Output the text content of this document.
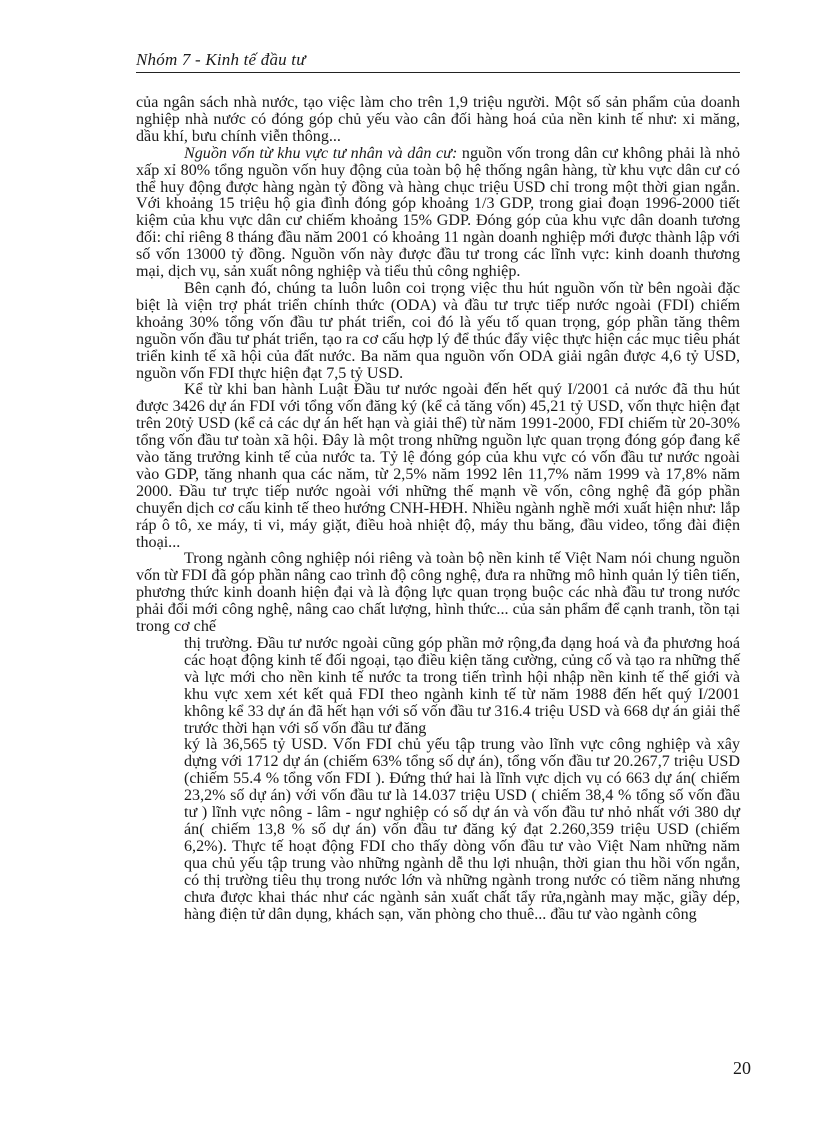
Nhóm 7 - Kinh tế đầu tư

của ngân sách nhà nước, tạo việc làm cho trên 1,9 triệu người. Một số sản phẩm của doanh nghiệp nhà nước có đóng góp chủ yếu vào cân đối hàng hoá của nền kinh tế như: xi măng, dầu khí, bưu chính viễn thông...

Nguồn vốn từ khu vực tư nhân và dân cư: nguồn vốn trong dân cư không phải là nhỏ xấp xỉ 80% tổng nguồn vốn huy động của toàn bộ hệ thống ngân hàng, từ khu vực dân cư có thể huy động được hàng ngàn tỷ đồng và hàng chục triệu USD chỉ trong một thời gian ngắn. Với khoảng 15 triệu hộ gia đình đóng góp khoảng 1/3 GDP, trong giai đoạn 1996-2000 tiết kiệm của khu vực dân cư chiếm khoảng 15% GDP. Đóng góp của khu vực dân doanh tương đối: chỉ riêng 8 tháng đầu năm 2001 có khoảng 11 ngàn doanh nghiệp mới được thành lập với số vốn 13000 tỷ đồng. Nguồn vốn này được đầu tư trong các lĩnh vực: kinh doanh thương mại, dịch vụ, sản xuất nông nghiệp và tiểu thủ công nghiệp.

Bên cạnh đó, chúng ta luôn luôn coi trọng việc thu hút nguồn vốn từ bên ngoài đặc biệt là viện trợ phát triển chính thức (ODA) và đầu tư trực tiếp nước ngoài (FDI) chiếm khoảng 30% tổng vốn đầu tư phát triển, coi đó là yếu tố quan trọng, góp phần tăng thêm nguồn vốn đầu tư phát triển, tạo ra cơ cấu hợp lý để thúc đẩy việc thực hiện các mục tiêu phát triển kinh tế xã hội của đất nước. Ba năm qua nguồn vốn ODA giải ngân được 4,6 tỷ USD, nguồn vốn FDI thực hiện đạt 7,5 tỷ USD.

Kể từ khi ban hành Luật Đầu tư nước ngoài đến hết quý I/2001 cả nước đã thu hút được 3426 dự án FDI với tổng vốn đăng ký (kể cả tăng vốn) 45,21 tỷ USD, vốn thực hiện đạt trên 20tỷ USD (kể cả các dự án hết hạn và giải thể) từ năm 1991-2000, FDI chiếm từ 20-30% tổng vốn đầu tư toàn xã hội. Đây là một trong những nguồn lực quan trọng đóng góp đang kể vào tăng trưởng kinh tế của nước ta. Tỷ lệ đóng góp của khu vực có vốn đầu tư nước ngoài vào GDP, tăng nhanh qua các năm, từ 2,5% năm 1992 lên 11,7% năm 1999 và 17,8% năm 2000. Đầu tư trực tiếp nước ngoài với những thế mạnh về vốn, công nghệ đã góp phần chuyển dịch cơ cấu kinh tế theo hướng CNH-HĐH. Nhiều ngành nghề mới xuất hiện như: lắp ráp ô tô, xe máy, ti vi, máy giặt, điều hoà nhiệt độ, máy thu băng, đầu video, tổng đài điện thoại...

Trong ngành công nghiệp nói riêng và toàn bộ nền kinh tế Việt Nam nói chung nguồn vốn từ FDI đã góp phần nâng cao trình độ công nghệ, đưa ra những mô hình quản lý tiên tiến, phương thức kinh doanh hiện đại và là động lực quan trọng buộc các nhà đầu tư trong nước phải đổi mới công nghệ, nâng cao chất lượng, hình thức... của sản phẩm để cạnh tranh, tồn tại trong cơ chế

thị trường. Đầu tư nước ngoài cũng góp phần mở rộng,đa dạng hoá và đa phương hoá các hoạt động kinh tế đối ngoại, tạo điều kiện tăng cường, củng cố và tạo ra những thế và lực mới cho nền kinh tế nước ta trong tiến trình hội nhập nền kinh tế thế giới và khu vực xem xét kết quả FDI theo ngành kinh tế từ năm 1988 đến hết quý I/2001 không kể 33 dự án đã hết hạn với số vốn đầu tư 316.4 triệu USD và 668 dự án giải thể trước thời hạn với số vốn đầu tư đăng

ký là 36,565 tỷ USD. Vốn FDI chủ yếu tập trung vào lĩnh vực công nghiệp và xây dựng với 1712 dự án (chiếm 63% tổng số dự án), tổng vốn đầu tư 20.267,7 triệu USD (chiếm 55.4 % tổng vốn FDI ). Đứng thứ hai là lĩnh vực dịch vụ có 663 dự án( chiếm 23,2% số dự án) với vốn đầu tư là 14.037 triệu USD ( chiếm 38,4 % tổng số vốn đầu tư ) lĩnh vực nông - lâm - ngư nghiệp có số dự án và vốn đầu tư nhỏ nhất với 380 dự án( chiếm 13,8 % số dự án) vốn đầu tư đăng ký đạt 2.260,359 triệu USD (chiếm 6,2%). Thực tế hoạt động FDI cho thấy dòng vốn đầu tư vào Việt Nam những năm qua chủ yếu tập trung vào những ngành dễ thu lợi nhuận, thời gian thu hồi vốn ngắn, có thị trường tiêu thụ trong nước lớn và những ngành trong nước có tiềm năng nhưng chưa được khai thác như các ngành sản xuất chất tẩy rửa,ngành may mặc, giầy dép, hàng điện tử dân dụng, khách sạn, văn phòng cho thuê... đầu tư vào ngành công

20
